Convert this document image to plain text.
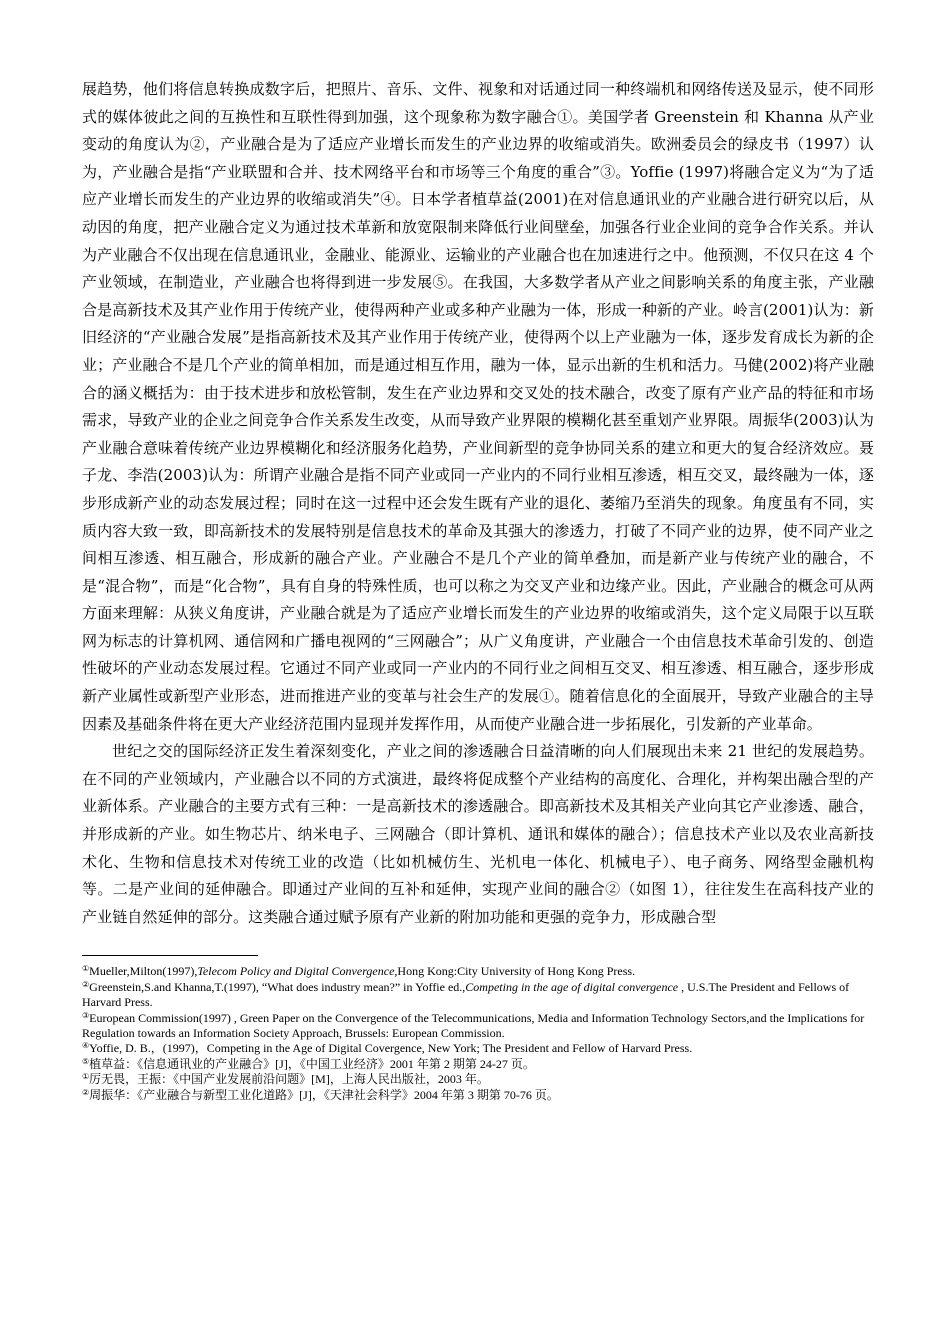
展趋势，他们将信息转换成数字后，把照片、音乐、文件、视象和对话通过同一种终端机和网络传送及显示，使不同形式的媒体彼此之间的互换性和互联性得到加强，这个现象称为数字融合①。美国学者 Greenstein 和 Khanna 从产业变动的角度认为②，产业融合是为了适应产业增长而发生的产业边界的收缩或消失。欧洲委员会的绿皮书（1997）认为，产业融合是指“产业联盟和合并、技术网络平台和市场等三个角度的重合”③。Yoffie (1997)将融合定义为“为了适应产业增长而发生的产业边界的收缩或消失”④。日本学者植草益(2001)在对信息通讯业的产业融合进行研究以后，从动因的角度，把产业融合定义为通过技术革新和放宽限制来降低行业间壁垒，加强各行业企业间的竞争合作关系。并认为产业融合不仅出现在信息通讯业，金融业、能源业、运输业的产业融合也在加速进行之中。他预测，不仅只在这 4 个产业领域，在制造业，产业融合也将得到进一步发展⑤。在我国，大多数学者从产业之间影响关系的角度主张，产业融合是高新技术及其产业作用于传统产业，使得两种产业或多种产业融为一体，形成一种新的产业。岭言(2001)认为：新旧经济的“产业融合发展”是指高新技术及其产业作用于传统产业，使得两个以上产业融为一体，逐步发育成长为新的企业；产业融合不是几个产业的简单相加，而是通过相互作用，融为一体，显示出新的生机和活力。马健(2002)将产业融合的涵义概括为：由于技术进步和放松管制，发生在产业边界和交叉处的技术融合，改变了原有产业产品的特征和市场需求，导致产业的企业之间竞争合作关系发生改变，从而导致产业界限的模糊化甚至重划产业界限。周振华(2003)认为产业融合意味着传统产业边界模糊化和经济服务化趋势，产业间新型的竞争协同关系的建立和更大的复合经济效应。聂子龙、李浩(2003)认为：所谓产业融合是指不同产业或同一产业内的不同行业相互渗透，相互交叉，最终融为一体，逐步形成新产业的动态发展过程；同时在这一过程中还会发生既有产业的退化、萎缩乃至消失的现象。角度虽有不同，实质内容大致一致，即高新技术的发展特别是信息技术的革命及其强大的渗透力，打破了不同产业的边界，使不同产业之间相互渗透、相互融合，形成新的融合产业。产业融合不是几个产业的简单叠加，而是新产业与传统产业的融合，不是“混合物”，而是“化合物”，具有自身的特殊性质，也可以称之为交叉产业和边缘产业。因此，产业融合的概念可从两方面来理解：从狭义角度讲，产业融合就是为了适应产业增长而发生的产业边界的收缩或消失，这个定义局限于以互联网为标志的计算机网、通信网和广播电视网的“三网融合”；从广义角度讲，产业融合一个由信息技术革命引发的、创造性破坏的产业动态发展过程。它通过不同产业或同一产业内的不同行业之间相互交叉、相互渗透、相互融合，逐步形成新产业属性或新型产业形态，进而推进产业的变革与社会生产的发展①。随着信息化的全面展开，导致产业融合的主导因素及基础条件将在更大产业经济范围内显现并发挥作用，从而使产业融合进一步拓展化，引发新的产业革命。

世纪之交的国际经济正发生着深刻变化，产业之间的渗透融合日益清晰的向人们展现出未来 21 世纪的发展趋势。在不同的产业领域内，产业融合以不同的方式演进，最终将促成整个产业结构的高度化、合理化，并构架出融合型的产业新体系。产业融合的主要方式有三种：一是高新技术的渗透融合。即高新技术及其相关产业向其它产业渗透、融合，并形成新的产业。如生物芯片、纳米电子、三网融合（即计算机、通讯和媒体的融合）；信息技术产业以及农业高新技术化、生物和信息技术对传统工业的改造（比如机械仿生、光机电一体化、机械电子）、电子商务、网络型金融机构等。二是产业间的延伸融合。即通过产业间的互补和延伸，实现产业间的融合②（如图 1），往往发生在高科技产业的产业链自然延伸的部分。这类融合通过赋予原有产业新的附加功能和更强的竞争力，形成融合型

①Mueller,Milton(1997),Telecom Policy and Digital Convergence,Hong Kong:City University of Hong Kong Press.

②Greenstein,S.and Khanna,T.(1997), “What does industry mean?” in Yoffie ed.,Competing in the age of digital convergence , U.S.The President and Fellows of Harvard Press.

③European Commission(1997) , Green Paper on the Convergence of the Telecommunications, Media and Information Technology Sectors,and the Implications for Regulation towards an Information Society Approach, Brussels: European Commission.

④Yoffie, D. B.，(1997)，Competing in the Age of Digital Covergence, New York; The President and Fellow of Harvard Press.

⑤植草益：《信息通讯业的产业融合》[J]，《中国工业经济》2001 年第 2 期第 24-27 页。

①厉无畏，王振：《中国产业发展前沿问题》[M]，上海人民出版社，2003 年。

②周振华：《产业融合与新型工业化道路》[J]，《天津社会科学》2004 年第 3 期第 70-76 页。
